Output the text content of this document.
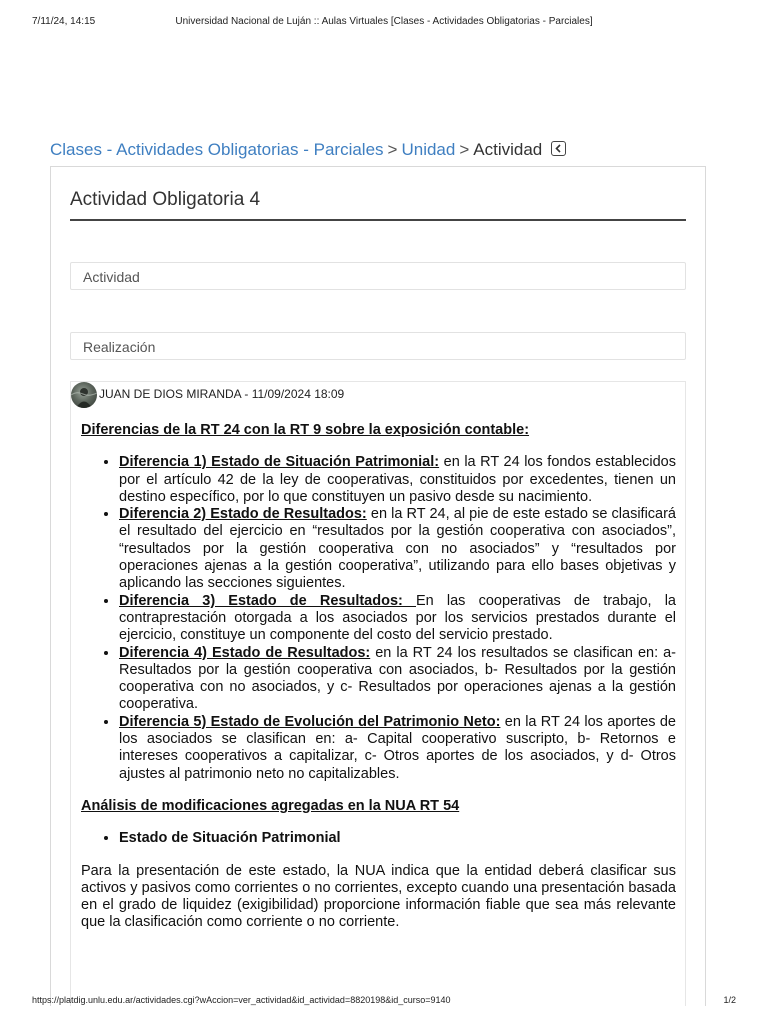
7/11/24, 14:15	Universidad Nacional de Luján :: Aulas Virtuales [Clases - Actividades Obligatorias - Parciales]
Clases - Actividades Obligatorias - Parciales > Unidad > Actividad
Actividad Obligatoria 4
Actividad
Realización
JUAN DE DIOS MIRANDA - 11/09/2024 18:09
Diferencias de la RT 24 con la RT 9 sobre la exposición contable:
• Diferencia 1) Estado de Situación Patrimonial: en la RT 24 los fondos establecidos por el artículo 42 de la ley de cooperativas, constituidos por excedentes, tienen un destino específico, por lo que constituyen un pasivo desde su nacimiento.
• Diferencia 2) Estado de Resultados: en la RT 24, al pie de este estado se clasificará el resultado del ejercicio en “resultados por la gestión cooperativa con asociados”, “resultados por la gestión cooperativa con no asociados” y “resultados por operaciones ajenas a la gestión cooperativa”, utilizando para ello bases objetivas y aplicando las secciones siguientes.
• Diferencia 3) Estado de Resultados: En las cooperativas de trabajo, la contraprestación otorgada a los asociados por los servicios prestados durante el ejercicio, constituye un componente del costo del servicio prestado.
• Diferencia 4) Estado de Resultados: en la RT 24 los resultados se clasifican en: a- Resultados por la gestión cooperativa con asociados, b- Resultados por la gestión cooperativa con no asociados, y c- Resultados por operaciones ajenas a la gestión cooperativa.
• Diferencia 5) Estado de Evolución del Patrimonio Neto: en la RT 24 los aportes de los asociados se clasifican en: a- Capital cooperativo suscripto, b- Retornos e intereses cooperativos a capitalizar, c- Otros aportes de los asociados, y d- Otros ajustes al patrimonio neto no capitalizables.
Análisis de modificaciones agregadas en la NUA RT 54
• Estado de Situación Patrimonial

Para la presentación de este estado, la NUA indica que la entidad deberá clasificar sus activos y pasivos como corrientes o no corrientes, excepto cuando una presentación basada en el grado de liquidez (exigibilidad) proporcione información fiable que sea más relevante que la clasificación como corriente o no corriente.

https://platdig.unlu.edu.ar/actividades.cgi?wAccion=ver_actividad&id_actividad=8820198&id_curso=9140	1/2
